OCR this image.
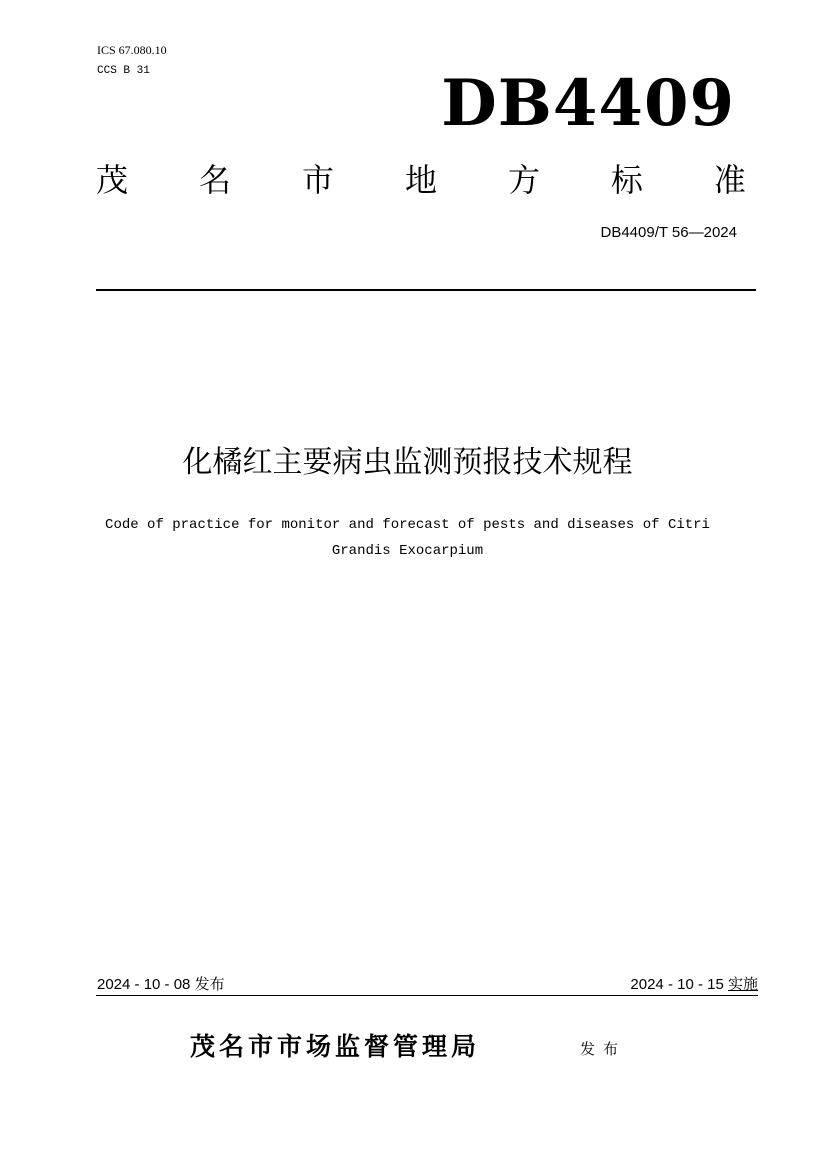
ICS 67.080.10
CCS B 31	DB4409
茂 名 市 地 方 标 准
DB4409/T 56—2024
化橘红主要病虫监测预报技术规程
Code of practice for monitor and forecast of pests and diseases of Citri
Grandis Exocarpium
2024 - 10 - 08 发布	2024 - 10 - 15 实施
茂名市市场监督管理局	发布
